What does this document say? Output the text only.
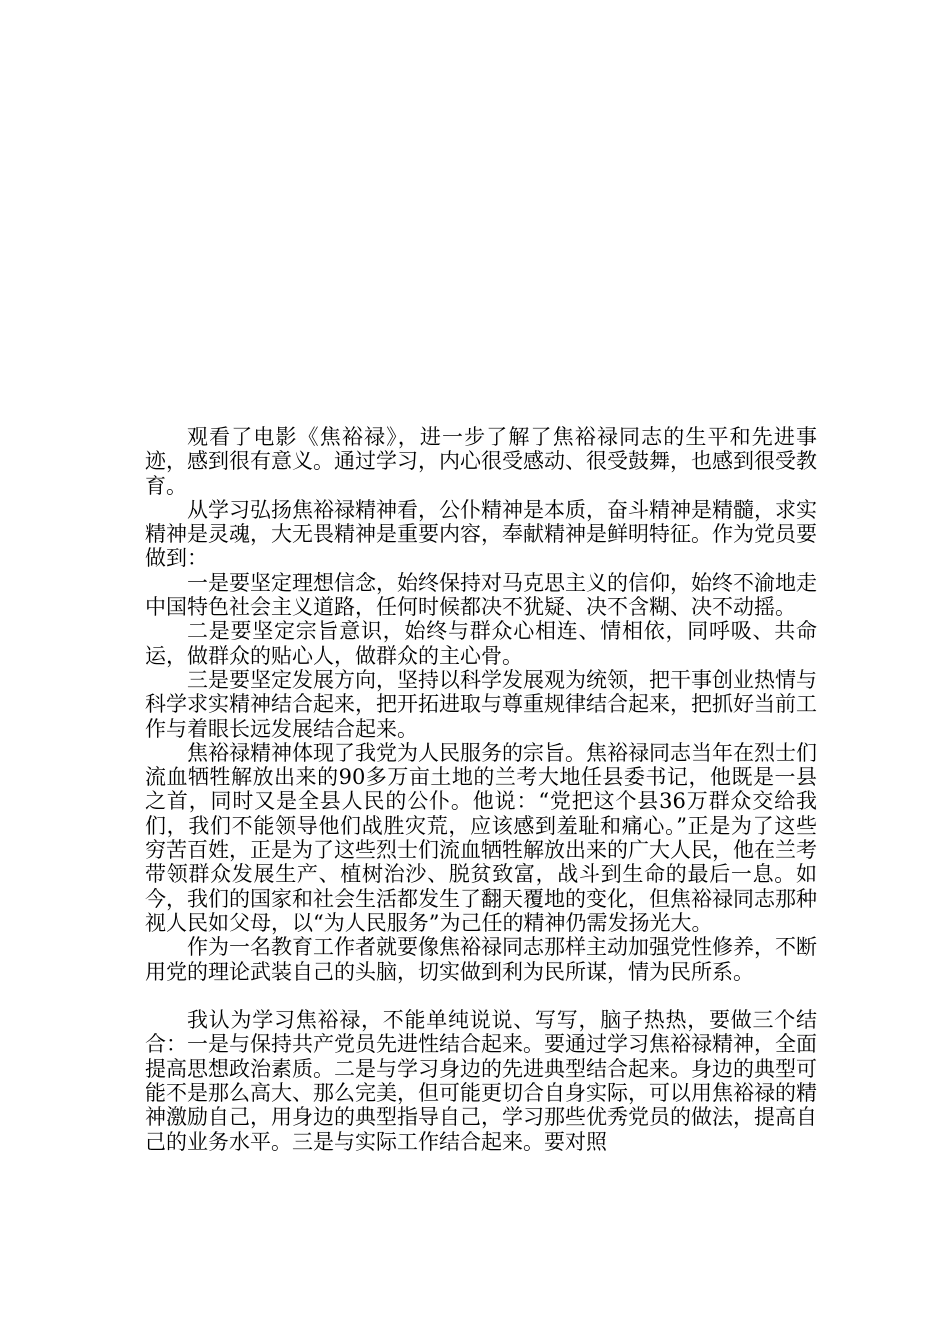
观看了电影《焦裕禄》，进一步了解了焦裕禄同志的生平和先进事迹，感到很有意义。通过学习，内心很受感动、很受鼓舞，也感到很受教育。

从学习弘扬焦裕禄精神看，公仆精神是本质，奋斗精神是精髓，求实精神是灵魂，大无畏精神是重要内容，奉献精神是鲜明特征。作为党员要做到：

一是要坚定理想信念，始终保持对马克思主义的信仰，始终不渝地走中国特色社会主义道路，任何时候都决不犹疑、决不含糊、决不动摇。

二是要坚定宗旨意识，始终与群众心相连、情相依，同呼吸、共命运，做群众的贴心人，做群众的主心骨。

三是要坚定发展方向，坚持以科学发展观为统领，把干事创业热情与科学求实精神结合起来，把开拓进取与尊重规律结合起来，把抓好当前工作与着眼长远发展结合起来。

焦裕禄精神体现了我党为人民服务的宗旨。焦裕禄同志当年在烈士们流血牺牲解放出来的90多万亩土地的兰考大地任县委书记，他既是一县之首，同时又是全县人民的公仆。他说：“党把这个县36万群众交给我们，我们不能领导他们战胜灾荒，应该感到羞耻和痛心。”正是为了这些穷苦百姓，正是为了这些烈士们流血牺牲解放出来的广大人民，他在兰考带领群众发展生产、植树治沙、脱贫致富，战斗到生命的最后一息。如今，我们的国家和社会生活都发生了翻天覆地的变化，但焦裕禄同志那种视人民如父母，以“为人民服务”为己任的精神仍需发扬光大。

作为一名教育工作者就要像焦裕禄同志那样主动加强党性修养，不断用党的理论武装自己的头脑，切实做到利为民所谋，情为民所系。

我认为学习焦裕禄，不能单纯说说、写写，脑子热热，要做三个结合：一是与保持共产党员先进性结合起来。要通过学习焦裕禄精神，全面提高思想政治素质。二是与学习身边的先进典型结合起来。身边的典型可能不是那么高大、那么完美，但可能更切合自身实际，可以用焦裕禄的精神激励自己，用身边的典型指导自己，学习那些优秀党员的做法，提高自己的业务水平。三是与实际工作结合起来。要对照
